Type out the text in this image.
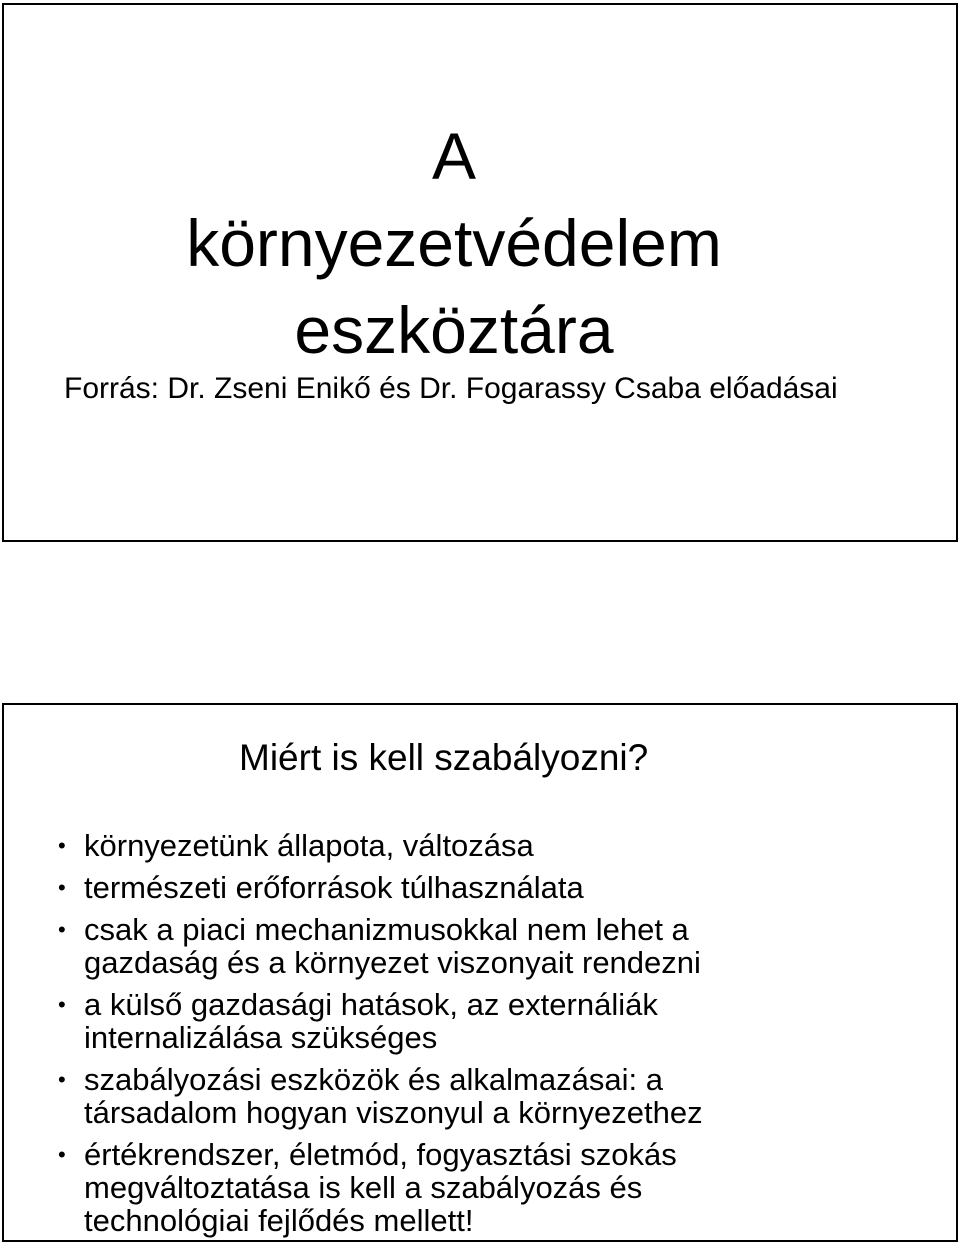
A
környezetvédelem
eszköztára
Forrás: Dr. Zseni Enikő és Dr. Fogarassy Csaba előadásai
Miért is kell szabályozni?
• környezetünk állapota, változása
• természeti erőforrások túlhasználata
• csak a piaci mechanizmusokkal nem lehet a
gazdaság és a környezet viszonyait rendezni
• a külső gazdasági hatások, az externáliák
internalizálása szükséges
• szabályozási eszközök és alkalmazásai: a
társadalom hogyan viszonyul a környezethez
• értékrendszer, életmód, fogyasztási szokás
megváltoztatása is kell a szabályozás és
technológiai fejlődés mellett!
